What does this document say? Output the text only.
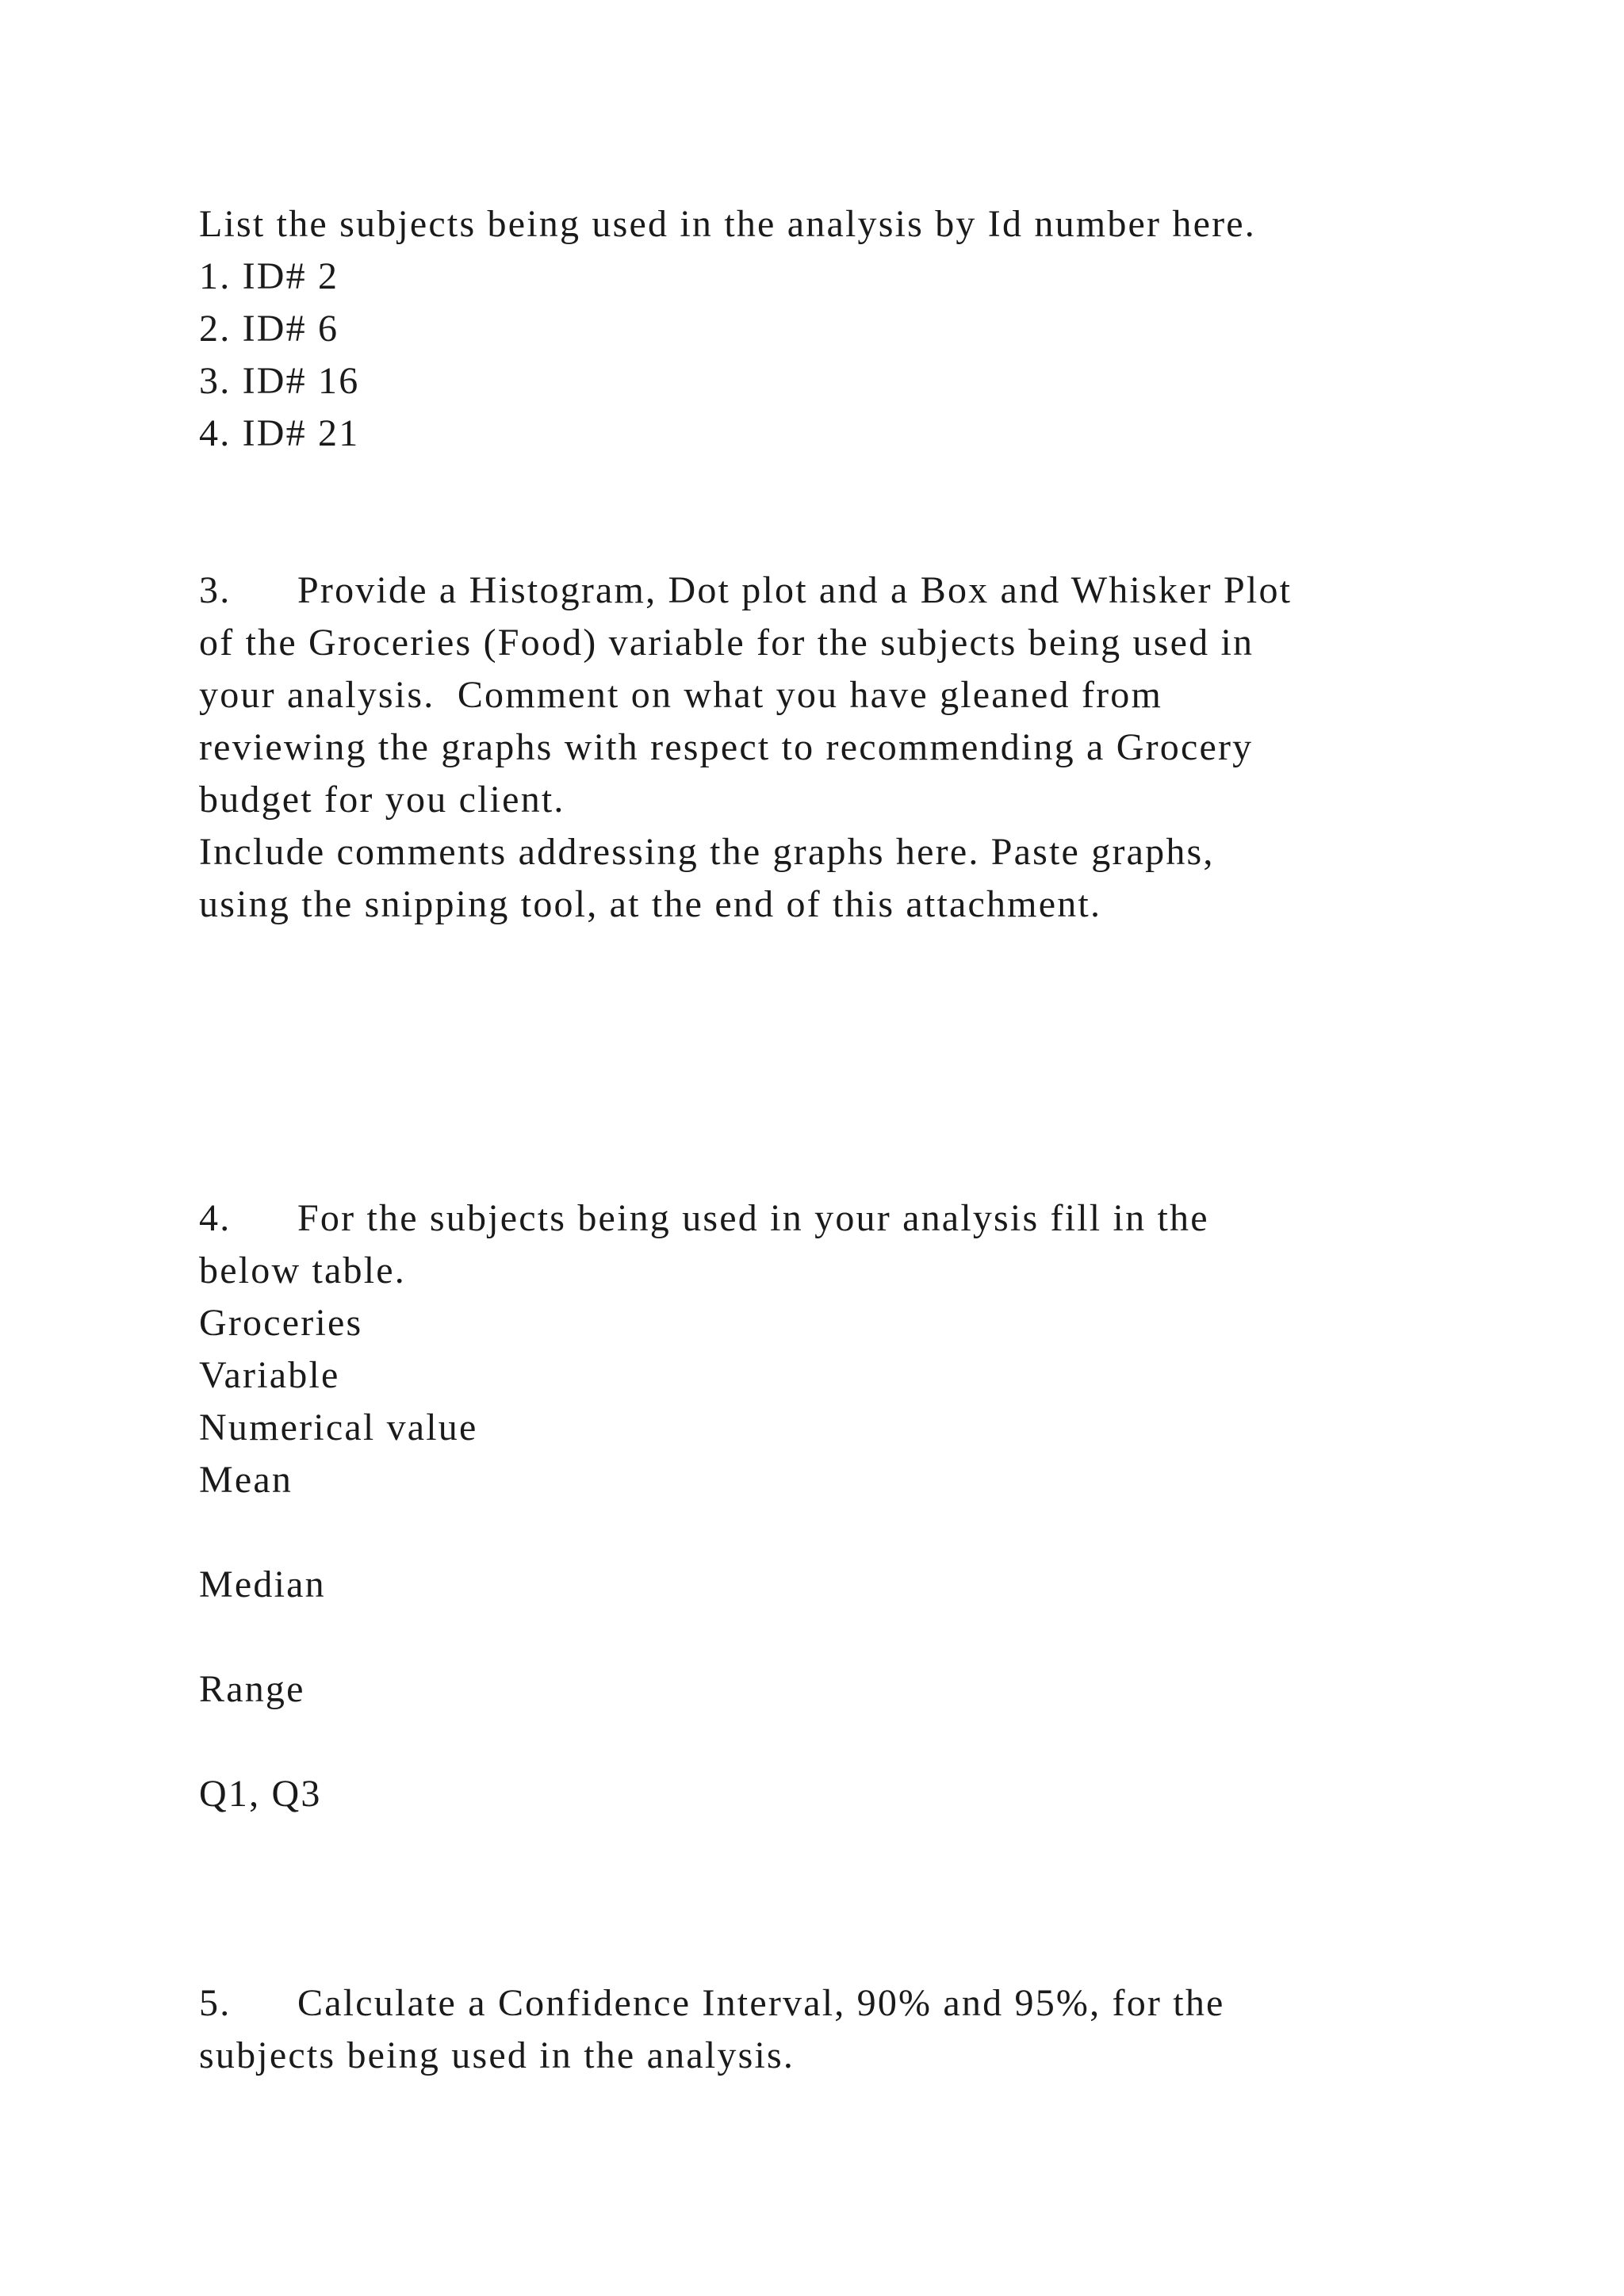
List the subjects being used in the analysis by Id number here.

1. ID# 2

2. ID# 6

3. ID# 16

4. ID# 21

3. Provide a Histogram, Dot plot and a Box and Whisker Plot

of the Groceries (Food) variable for the subjects being used in

your analysis.  Comment on what you have gleaned from

reviewing the graphs with respect to recommending a Grocery

budget for you client.

Include comments addressing the graphs here. Paste graphs,

using the snipping tool, at the end of this attachment.

4. For the subjects being used in your analysis fill in the

below table.

Groceries

Variable

Numerical value

Mean

Median

Range

Q1, Q3

5. Calculate a Confidence Interval, 90% and 95%, for the

subjects being used in the analysis.
